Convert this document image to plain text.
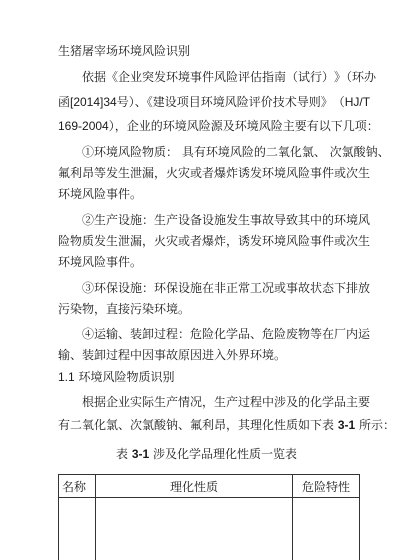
生猪屠宰场环境风险识别
依据《企业突发环境事件风险评估指南（试行） 》（环办
函[2014]34 号）、《建设项目环境风险评价技术导则》 （HJ/T
169-2004），企业的环境风险源及环境风险主要有以下几项：
①环境风险物质： 具有环境风险的二氧化氯、 次氯酸钠、
氟利昂等发生泄漏，火灾或者爆炸诱发环境风险事件或次生
环境风险事件。
②生产设施：生产设备设施发生事故导致其中的环境风
险物质发生泄漏，火灾或者爆炸，诱发环境风险事件或次生
环境风险事件。
③环保设施：环保设施在非正常工况或事故状态下排放
污染物，直接污染环境。
④运输、装卸过程：危险化学品、危险废物等在厂内运
输、装卸过程中因事故原因进入外界环境。
1.1 环境风险物质识别
根据企业实际生产情况，生产过程中涉及的化学品主要
有二氧化氯、次氯酸钠、氟利昂，其理化性质如下表 3-1 所示：
表 3-1 涉及化学品理化性质一览表
名称	理化性质	危险特性
